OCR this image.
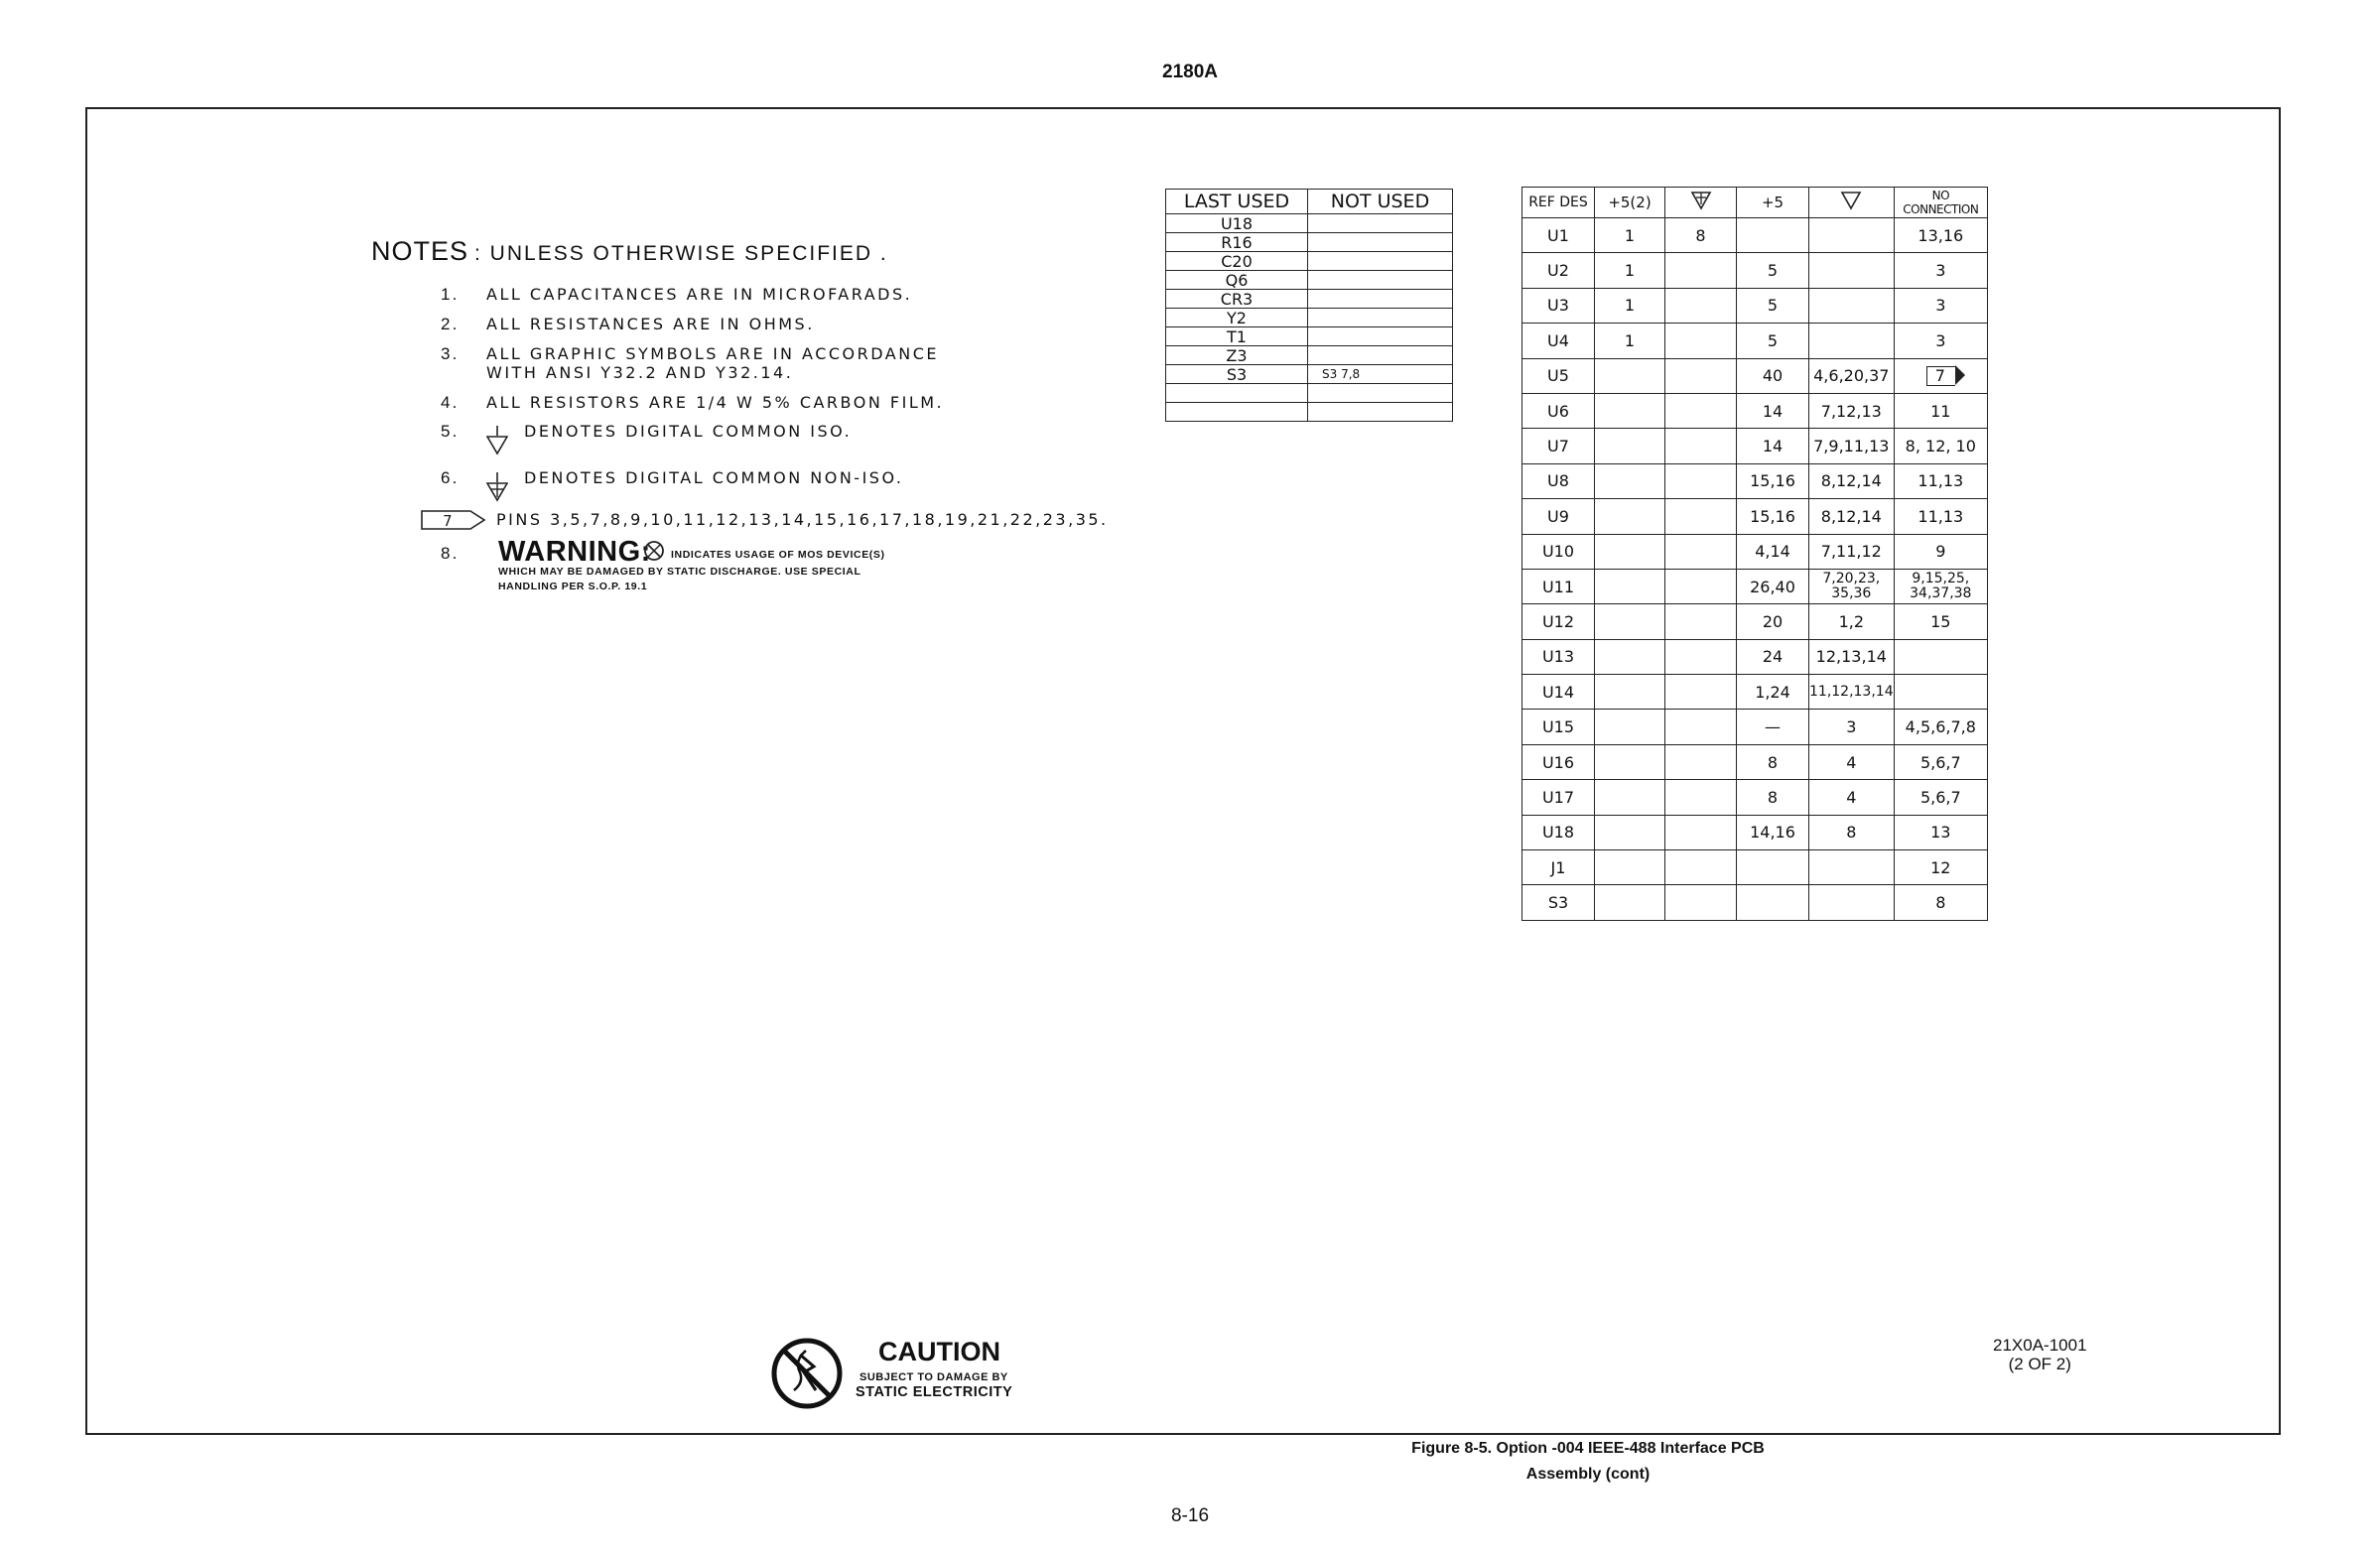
2180A
NOTES : UNLESS OTHERWISE SPECIFIED .
1. ALL CAPACITANCES ARE IN MICROFARADS.
2. ALL RESISTANCES ARE IN OHMS.
3. ALL GRAPHIC SYMBOLS ARE IN ACCORDANCE
WITH ANSI Y32.2 AND Y32.14.
4. ALL RESISTORS ARE 1/4 W 5% CARBON FILM.
5.	DENOTES DIGITAL COMMON ISO.
6.	DENOTES DIGITAL COMMON NON-ISO.
7	PINS 3,5,7,8,9,10,11,12,13,14,15,16,17,18,19,21,22,23,35.
8. WARNING: INDICATES USAGE OF MOS DEVICE(S)
WHICH MAY BE DAMAGED BY STATIC DISCHARGE. USE SPECIAL
HANDLING PER S.O.P. 19.1
LAST USED	NOT USED
U18	
R16	
C20	
Q6	
CR3	
Y2	
T1	
Z3	
S3	S3 7,8

REF DES	+5(2)		+5		NO CONNECTION
U1	1	8			13,16
U2	1		5		3
U3	1		5		3
U4	1		5		3
U5			40	4,6,20,37	7

U6			14	7,12,13	11
U7			14	7,9,11,13	8, 12, 10
U8			15,16	8,12,14	11,13
U9			15,16	8,12,14	11,13
U10			4,14	7,11,12	9
U11			26,40	7,20,23, 35,36	9,15,25, 34,37,38
U12			20	1,2	15
U13			24	12,13,14	
U14			1,24	11,12,13,14	
U15			—	3	4,5,6,7,8
U16			8	4	5,6,7
U17			8	4	5,6,7
U18			14,16	8	13
J1					12
S3					8
CAUTION
SUBJECT TO DAMAGE BY
STATIC ELECTRICITY
21X0A-1001
(2 OF 2)
Figure 8-5. Option -004 IEEE-488 Interface PCB
Assembly (cont)
8-16
